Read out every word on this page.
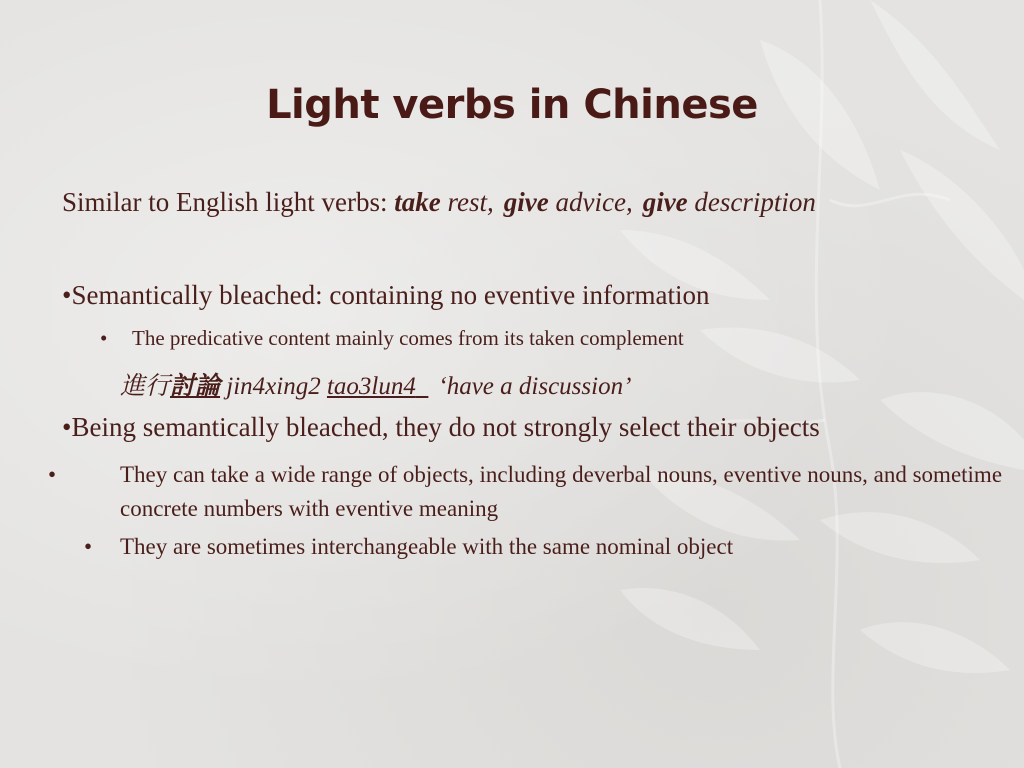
Light verbs in Chinese
Similar to English light verbs: take rest, give advice, give description
•Semantically bleached: containing no eventive information
• The predicative content mainly comes from its taken complement
進行討論 jin4xing2 tao3lun4 ‘have a discussion’
•Being semantically bleached, they do not strongly select their objects
•	They can take a wide range of objects, including deverbal nouns, eventive nouns, and sometime concrete numbers with eventive meaning
• They are sometimes interchangeable with the same nominal object
